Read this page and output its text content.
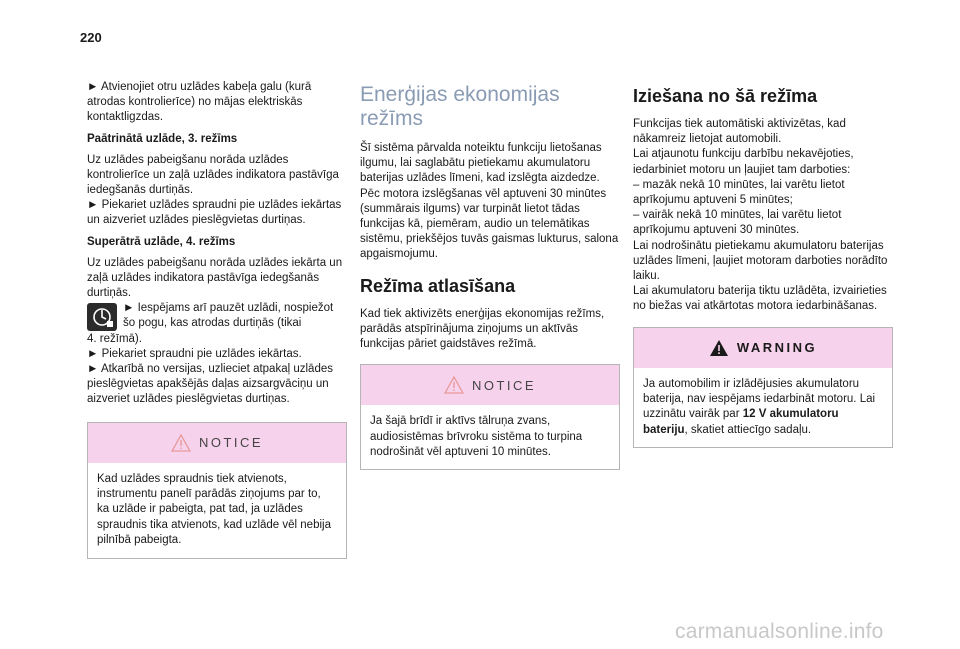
220

► Atvienojiet otru uzlādes kabeļa galu (kurā atrodas kontrolierīce) no mājas elektriskās kontaktligzdas.

Paātrinātā uzlāde, 3. režīms

Uz uzlādes pabeigšanu norāda uzlādes kontrolierīce un zaļā uzlādes indikatora pastāvīga iedegšanās durtiņās.

► Piekariet uzlādes spraudni pie uzlādes iekārtas un aizveriet uzlādes pieslēgvietas durtiņas.

Superātrā uzlāde, 4. režīms

Uz uzlādes pabeigšanu norāda uzlādes iekārta un zaļā uzlādes indikatora pastāvīga iedegšanās durtiņās.

► Iespējams arī pauzēt uzlādi, nospiežot šo pogu, kas atrodas durtiņās (tikai

4. režīmā).

► Piekariet spraudni pie uzlādes iekārtas.

► Atkarībā no versijas, uzlieciet atpakaļ uzlādes pieslēgvietas apakšējās daļas aizsargvāciņu un aizveriet uzlādes pieslēgvietas durtiņas.

NOTICE
Kad uzlādes spraudnis tiek atvienots, instrumentu panelī parādās ziņojums par to, ka uzlāde ir pabeigta, pat tad, ja uzlādes spraudnis tika atvienots, kad uzlāde vēl nebija pilnībā pabeigta.
Enerģijas ekonomijas režīms

Šī sistēma pārvalda noteiktu funkciju lietošanas ilgumu, lai saglabātu pietiekamu akumulatoru baterijas uzlādes līmeni, kad izslēgta aizdedze. Pēc motora izslēgšanas vēl aptuveni 30 minūtes (summārais ilgums) var turpināt lietot tādas funkcijas kā, piemēram, audio un telemātikas sistēmu, priekšējos tuvās gaismas lukturus, salona apgaismojumu.

Režīma atlasīšana

Kad tiek aktivizēts enerģijas ekonomijas režīms, parādās atspīrinājuma ziņojums un aktīvās funkcijas pāriet gaidstāves režīmā.

NOTICE
Ja šajā brīdī ir aktīvs tālruņa zvans, audiosistēmas brīvroku sistēma to turpina nodrošināt vēl aptuveni 10 minūtes.
Iziešana no šā režīma

Funkcijas tiek automātiski aktivizētas, kad nākamreiz lietojat automobili.

Lai atjaunotu funkciju darbību nekavējoties, iedarbiniet motoru un ļaujiet tam darboties:

– mazāk nekā 10 minūtes, lai varētu lietot aprīkojumu aptuveni 5 minūtes;

– vairāk nekā 10 minūtes, lai varētu lietot aprīkojumu aptuveni 30 minūtes.

Lai nodrošinātu pietiekamu akumulatoru baterijas uzlādes līmeni, ļaujiet motoram darboties norādīto laiku.

Lai akumulatoru baterija tiktu uzlādēta, izvairieties no biežas vai atkārtotas motora iedarbināšanas.

WARNING
Ja automobilim ir izlādējusies akumulatoru baterija, nav iespējams iedarbināt motoru. Lai uzzinātu vairāk par 12 V akumulatoru bateriju, skatiet attiecīgo sadaļu.
carmanualsonline.info
